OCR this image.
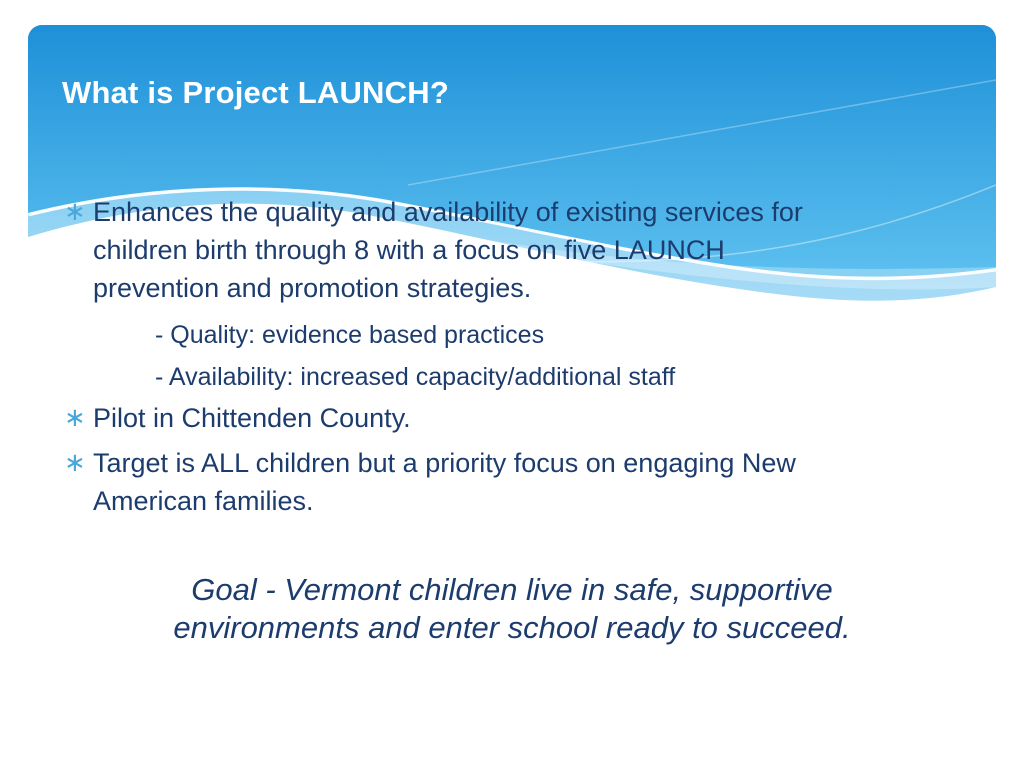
What is Project LAUNCH?
∗ Enhances the quality and availability of existing services for
children birth through 8 with a focus on five LAUNCH
prevention and promotion strategies.
- Quality: evidence based practices
- Availability: increased capacity/additional staff
∗ Pilot in Chittenden County.
∗ Target is ALL children but a priority focus on engaging New
American families.
Goal - Vermont children live in safe, supportive
environments and enter school ready to succeed.
